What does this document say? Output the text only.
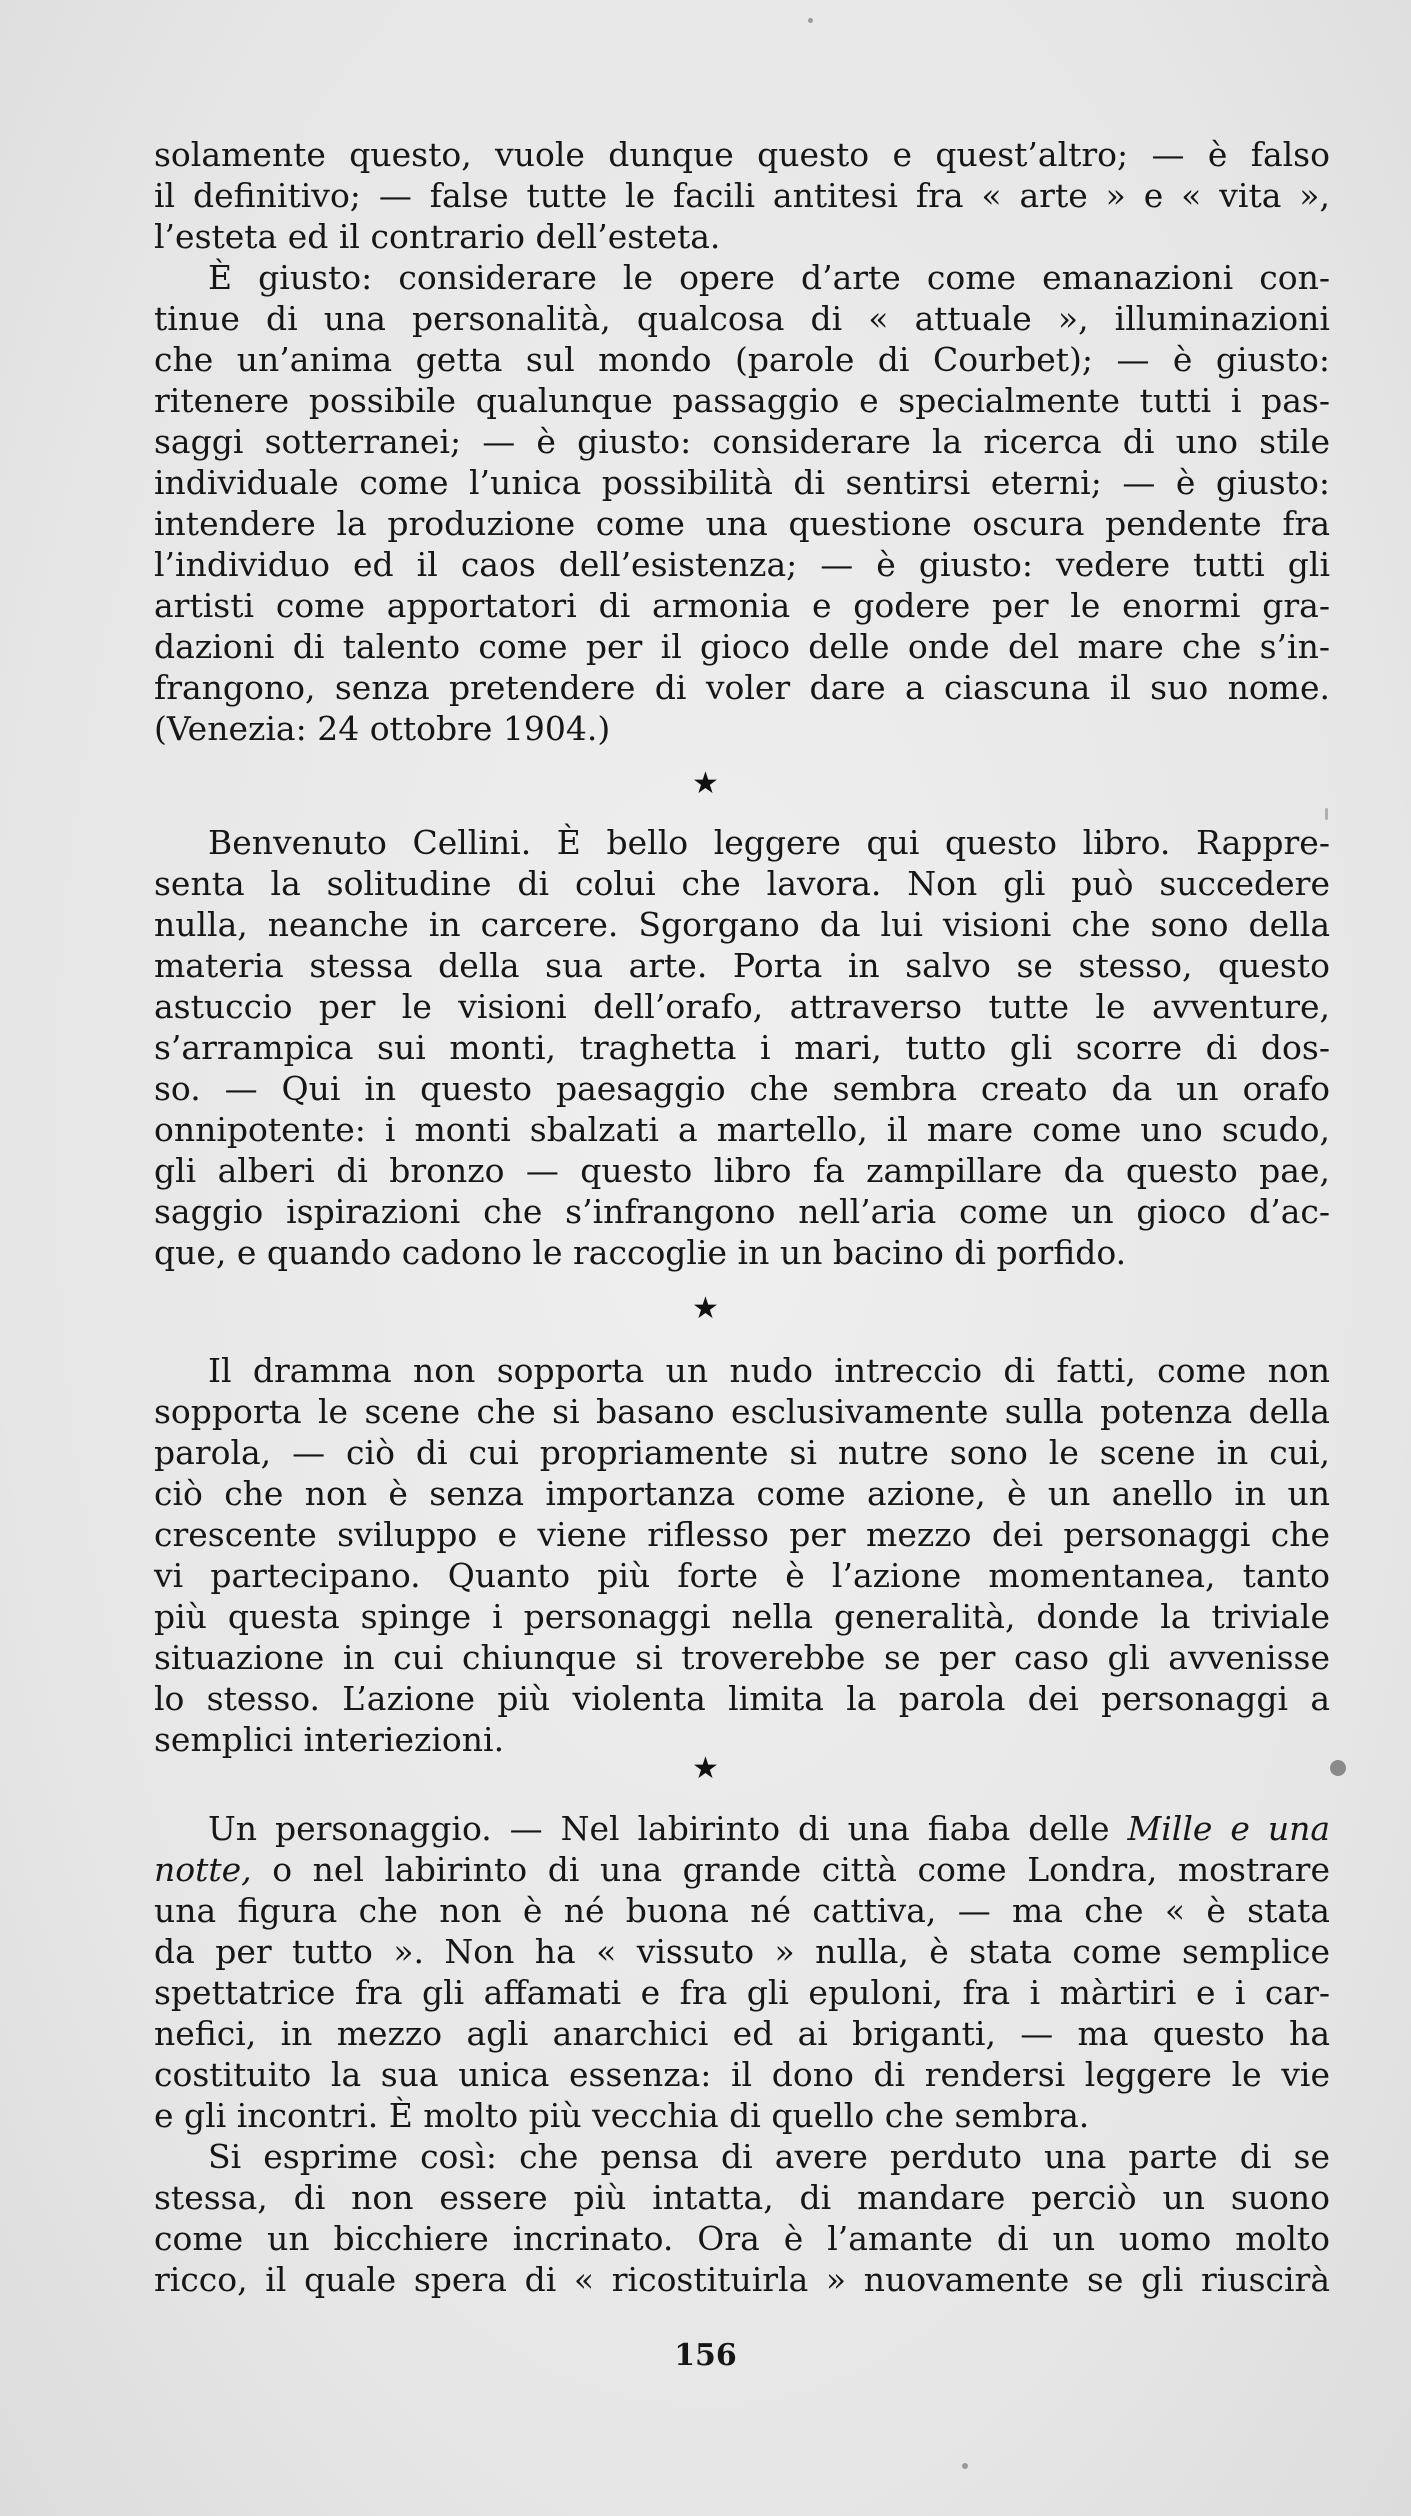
solamente questo, vuole dunque questo e quest’altro; — è falso
il definitivo; — false tutte le facili antitesi fra « arte » e « vita »,
l’esteta ed il contrario dell’esteta.
È giusto: considerare le opere d’arte come emanazioni con-
tinue di una personalità, qualcosa di « attuale », illuminazioni
che un’anima getta sul mondo (parole di Courbet); — è giusto:
ritenere possibile qualunque passaggio e specialmente tutti i pas-
saggi sotterranei; — è giusto: considerare la ricerca di uno stile
individuale come l’unica possibilità di sentirsi eterni; — è giusto:
intendere la produzione come una questione oscura pendente fra
l’individuo ed il caos dell’esistenza; — è giusto: vedere tutti gli
artisti come apportatori di armonia e godere per le enormi gra-
dazioni di talento come per il gioco delle onde del mare che s’in-
frangono, senza pretendere di voler dare a ciascuna il suo nome.
(Venezia: 24 ottobre 1904.)
★
Benvenuto Cellini. È bello leggere qui questo libro. Rappre-
senta la solitudine di colui che lavora. Non gli può succedere
nulla, neanche in carcere. Sgorgano da lui visioni che sono della
materia stessa della sua arte. Porta in salvo se stesso, questo
astuccio per le visioni dell’orafo, attraverso tutte le avventure,
s’arrampica sui monti, traghetta i mari, tutto gli scorre di dos-
so. — Qui in questo paesaggio che sembra creato da un orafo
onnipotente: i monti sbalzati a martello, il mare come uno scudo,
gli alberi di bronzo — questo libro fa zampillare da questo pae,
saggio ispirazioni che s’infrangono nell’aria come un gioco d’ac-
que, e quando cadono le raccoglie in un bacino di porfido.
★
Il dramma non sopporta un nudo intreccio di fatti, come non
sopporta le scene che si basano esclusivamente sulla potenza della
parola, — ciò di cui propriamente si nutre sono le scene in cui,
ciò che non è senza importanza come azione, è un anello in un
crescente sviluppo e viene riflesso per mezzo dei personaggi che
vi partecipano. Quanto più forte è l’azione momentanea, tanto
più questa spinge i personaggi nella generalità, donde la triviale
situazione in cui chiunque si troverebbe se per caso gli avvenisse
lo stesso. L’azione più violenta limita la parola dei personaggi a
semplici interiezioni.
★
Un personaggio. — Nel labirinto di una fiaba delle Mille e una
notte, o nel labirinto di una grande città come Londra, mostrare
una figura che non è né buona né cattiva, — ma che « è stata
da per tutto ». Non ha « vissuto » nulla, è stata come semplice
spettatrice fra gli affamati e fra gli epuloni, fra i màrtiri e i car-
nefici, in mezzo agli anarchici ed ai briganti, — ma questo ha
costituito la sua unica essenza: il dono di rendersi leggere le vie
e gli incontri. È molto più vecchia di quello che sembra.
Si esprime così: che pensa di avere perduto una parte di se
stessa, di non essere più intatta, di mandare perciò un suono
come un bicchiere incrinato. Ora è l’amante di un uomo molto
ricco, il quale spera di « ricostituirla » nuovamente se gli riuscirà
156
